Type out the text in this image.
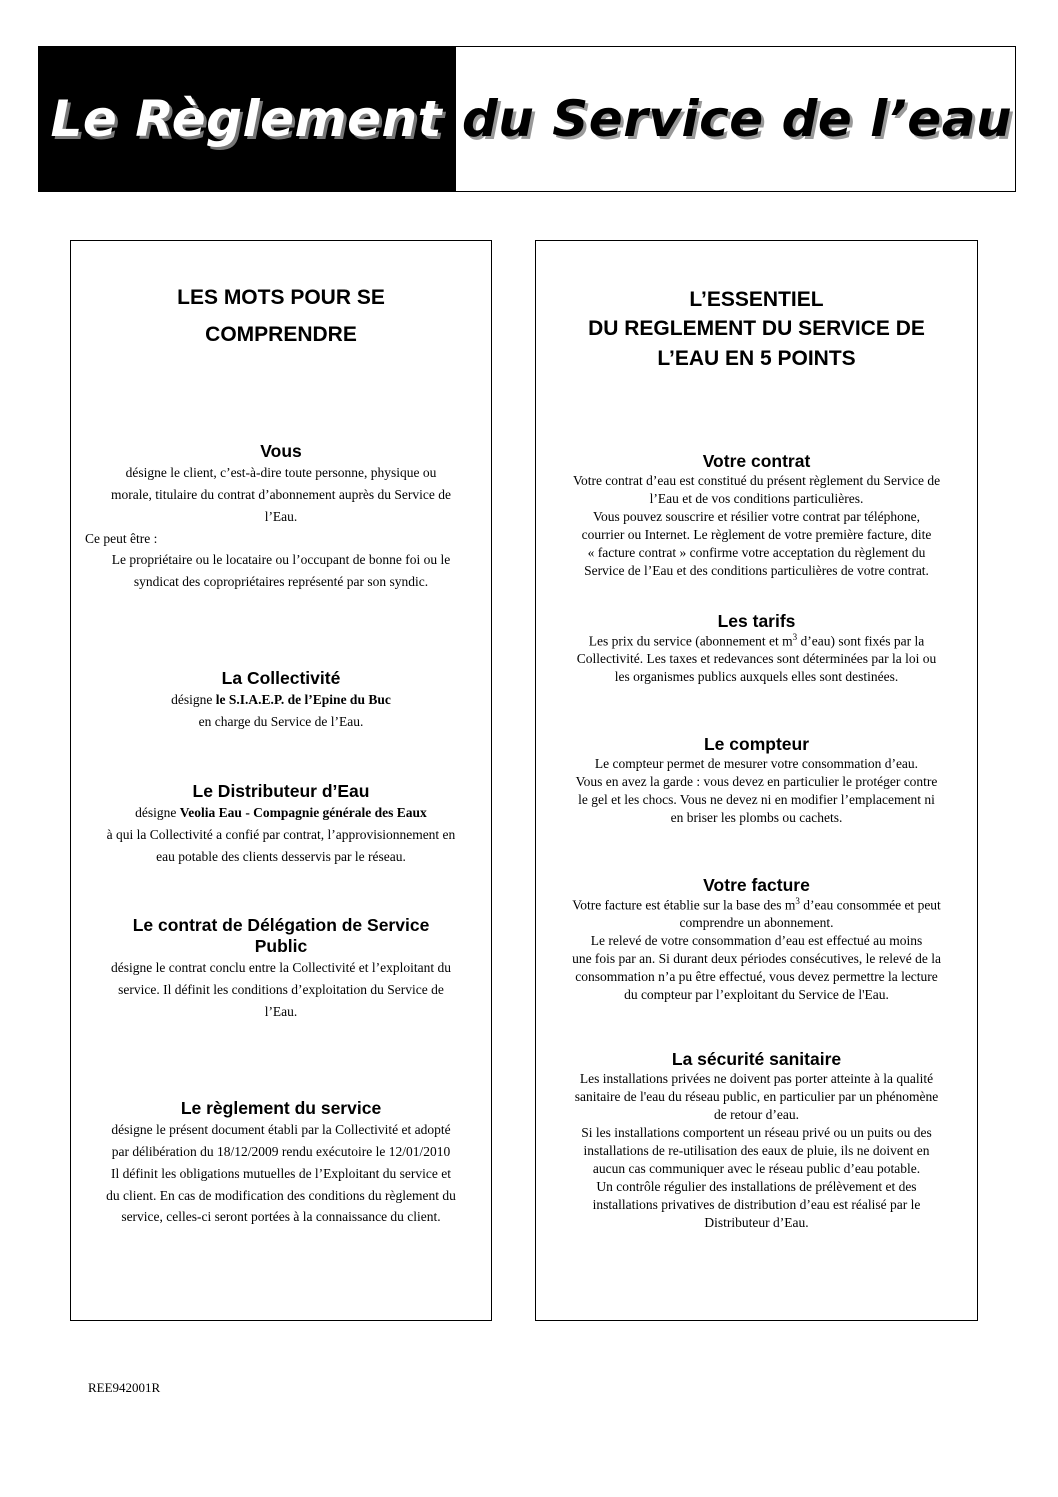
Le Règlement du Service de l’eau
LES MOTS POUR SE
COMPRENDRE
Vous
désigne le client, c’est-à-dire toute personne, physique ou
morale, titulaire du contrat d’abonnement auprès du Service de
l’Eau.
Ce peut être :
Le propriétaire ou le locataire ou l’occupant de bonne foi ou le
syndicat des copropriétaires représenté par son syndic.
La Collectivité
désigne le S.I.A.E.P. de l’Epine du Buc
en charge du Service de l’Eau.
Le Distributeur d’Eau
désigne Veolia Eau - Compagnie générale des Eaux
à qui la Collectivité a confié par contrat, l’approvisionnement en
eau potable des clients desservis par le réseau.
Le contrat de Délégation de Service
Public
désigne le contrat conclu entre la Collectivité et l’exploitant du
service. Il définit les conditions d’exploitation du Service de
l’Eau.
Le règlement du service
désigne le présent document établi par la Collectivité et adopté
par délibération du 18/12/2009 rendu exécutoire le 12/01/2010
Il définit les obligations mutuelles de l’Exploitant du service et
du client. En cas de modification des conditions du règlement du
service, celles-ci seront portées à la connaissance du client.
L’ESSENTIEL
DU REGLEMENT DU SERVICE DE
L’EAU EN 5 POINTS
Votre contrat
Votre contrat d’eau est constitué du présent règlement du Service de
l’Eau et de vos conditions particulières.
Vous pouvez souscrire et résilier votre contrat par téléphone,
courrier ou Internet. Le règlement de votre première facture, dite
« facture contrat » confirme votre acceptation du règlement du
Service de l’Eau et des conditions particulières de votre contrat.
Les tarifs
Les prix du service (abonnement et $m^3$ d’eau) sont fixés par la
Collectivité. Les taxes et redevances sont déterminées par la loi ou
les organismes publics auxquels elles sont destinées.
Le compteur
Le compteur permet de mesurer votre consommation d’eau.
Vous en avez la garde : vous devez en particulier le protéger contre
le gel et les chocs. Vous ne devez ni en modifier l’emplacement ni
en briser les plombs ou cachets.
Votre facture
Votre facture est établie sur la base des $m^3$ d’eau consommée et peut
comprendre un abonnement.
Le relevé de votre consommation d’eau est effectué au moins
une fois par an. Si durant deux périodes consécutives, le relevé de la
consommation n’a pu être effectué, vous devez permettre la lecture
du compteur par l’exploitant du Service de l'Eau.
La sécurité sanitaire
Les installations privées ne doivent pas porter atteinte à la qualité
sanitaire de l'eau du réseau public, en particulier par un phénomène
de retour d’eau.
Si les installations comportent un réseau privé ou un puits ou des
installations de re-utilisation des eaux de pluie, ils ne doivent en
aucun cas communiquer avec le réseau public d’eau potable.
Un contrôle régulier des installations de prélèvement et des
installations privatives de distribution d’eau est réalisé par le
Distributeur d’Eau.
REE942001R
